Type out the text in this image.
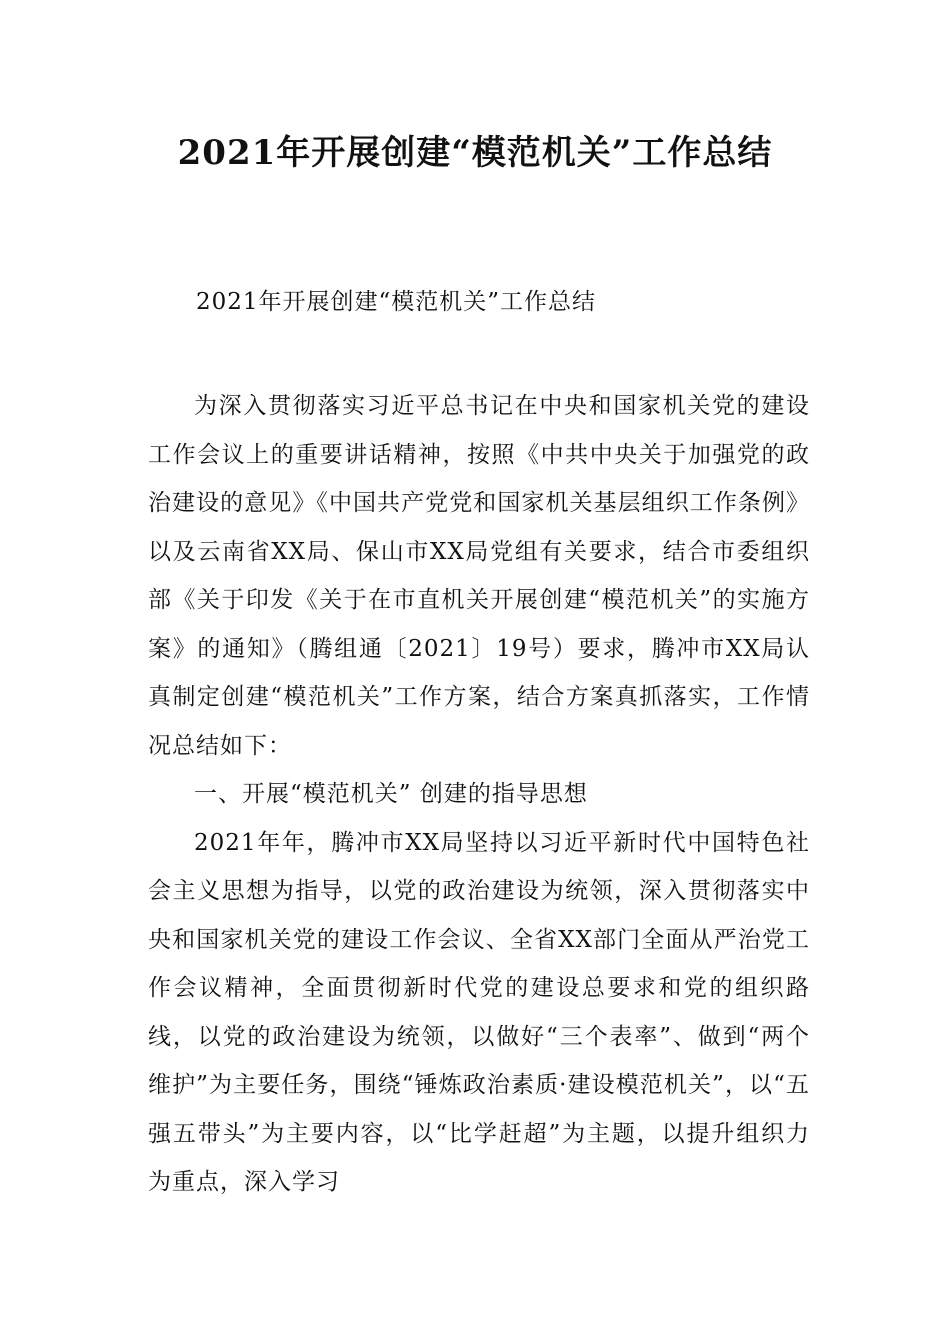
2021年开展创建“模范机关”工作总结
2021年开展创建“模范机关”工作总结

为深入贯彻落实习近平总书记在中央和国家机关党的建设工作会议上的重要讲话精神，按照《中共中央关于加强党的政治建设的意见》《中国共产党党和国家机关基层组织工作条例》以及云南省XX局、保山市XX局党组有关要求，结合市委组织部《关于印发《关于在市直机关开展创建“模范机关”的实施方案》的通知》（腾组通〔2021〕19号）要求，腾冲市XX局认真制定创建“模范机关”工作方案，结合方案真抓落实，工作情况总结如下：

一、开展“模范机关” 创建的指导思想

2021年年，腾冲市XX局坚持以习近平新时代中国特色社会主义思想为指导，以党的政治建设为统领，深入贯彻落实中央和国家机关党的建设工作会议、全省XX部门全面从严治党工作会议精神，全面贯彻新时代党的建设总要求和党的组织路线，以党的政治建设为统领，以做好“三个表率”、做到“两个维护”为主要任务，围绕“锤炼政治素质·建设模范机关”，以“五强五带头”为主要内容，以“比学赶超”为主题，以提升组织力为重点，深入学习
